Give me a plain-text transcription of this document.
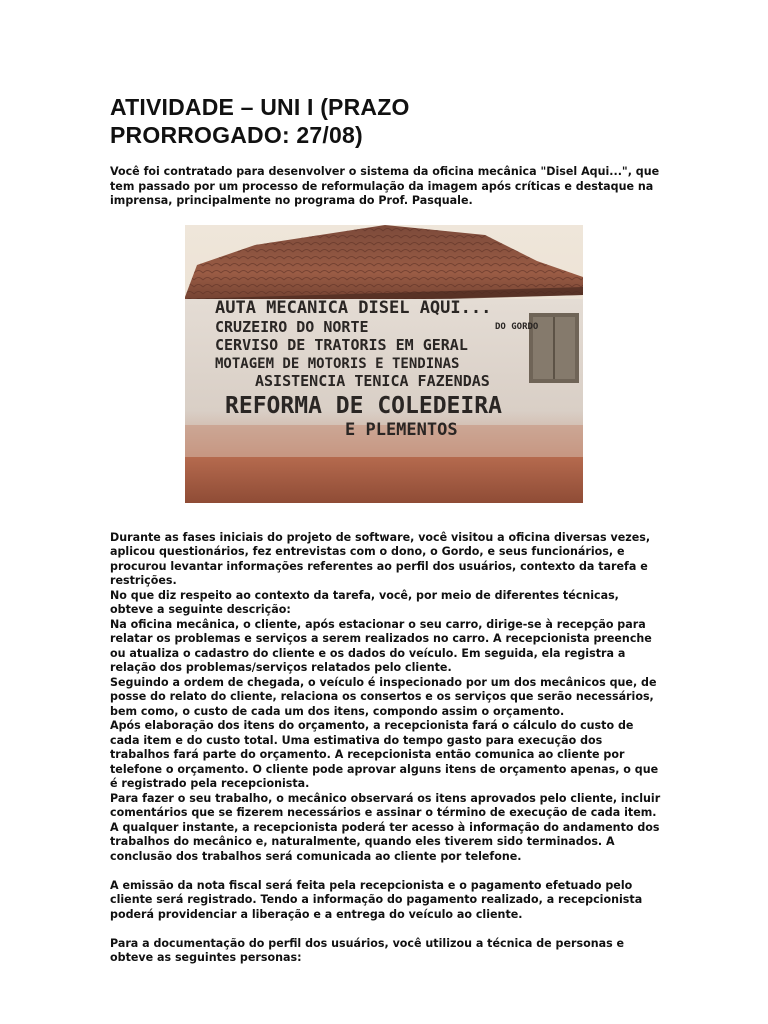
ATIVIDADE – UNI I (PRAZO
PRORROGADO: 27/08)

Você foi contratado para desenvolver o sistema da oficina mecânica "Disel Aqui...", que tem passado por um processo de reformulação da imagem após críticas e destaque na imprensa, principalmente no programa do Prof. Pasquale.

AUTA MECANICA DISEL AQUI...
CRUZEIRO DO NORTE	DO GORDO
CERVISO DE TRATORIS EM GERAL
MOTAGEM DE MOTORIS E TENDINAS
ASISTENCIA TENICA FAZENDAS
REFORMA DE COLEDEIRA
E PLEMENTOS

Durante as fases iniciais do projeto de software, você visitou a oficina diversas vezes, aplicou questionários, fez entrevistas com o dono, o Gordo, e seus funcionários, e procurou levantar informações referentes ao perfil dos usuários, contexto da tarefa e restrições.

No que diz respeito ao contexto da tarefa, você, por meio de diferentes técnicas, obteve a seguinte descrição:

Na oficina mecânica, o cliente, após estacionar o seu carro, dirige-se à recepção para relatar os problemas e serviços a serem realizados no carro. A recepcionista preenche ou atualiza o cadastro do cliente e os dados do veículo. Em seguida, ela registra a relação dos problemas/serviços relatados pelo cliente.

Seguindo a ordem de chegada, o veículo é inspecionado por um dos mecânicos que, de posse do relato do cliente, relaciona os consertos e os serviços que serão necessários, bem como, o custo de cada um dos itens, compondo assim o orçamento.

Após elaboração dos itens do orçamento, a recepcionista fará o cálculo do custo de cada item e do custo total. Uma estimativa do tempo gasto para execução dos trabalhos fará parte do orçamento. A recepcionista então comunica ao cliente por telefone o orçamento. O cliente pode aprovar alguns itens de orçamento apenas, o que é registrado pela recepcionista.

Para fazer o seu trabalho, o mecânico observará os itens aprovados pelo cliente, incluir comentários que se fizerem necessários e assinar o término de execução de cada item. A qualquer instante, a recepcionista poderá ter acesso à informação do andamento dos trabalhos do mecânico e, naturalmente, quando eles tiverem sido terminados. A conclusão dos trabalhos será comunicada ao cliente por telefone.

A emissão da nota fiscal será feita pela recepcionista e o pagamento efetuado pelo cliente será registrado. Tendo a informação do pagamento realizado, a recepcionista poderá providenciar a liberação e a entrega do veículo ao cliente.

Para a documentação do perfil dos usuários, você utilizou a técnica de personas e obteve as seguintes personas:
